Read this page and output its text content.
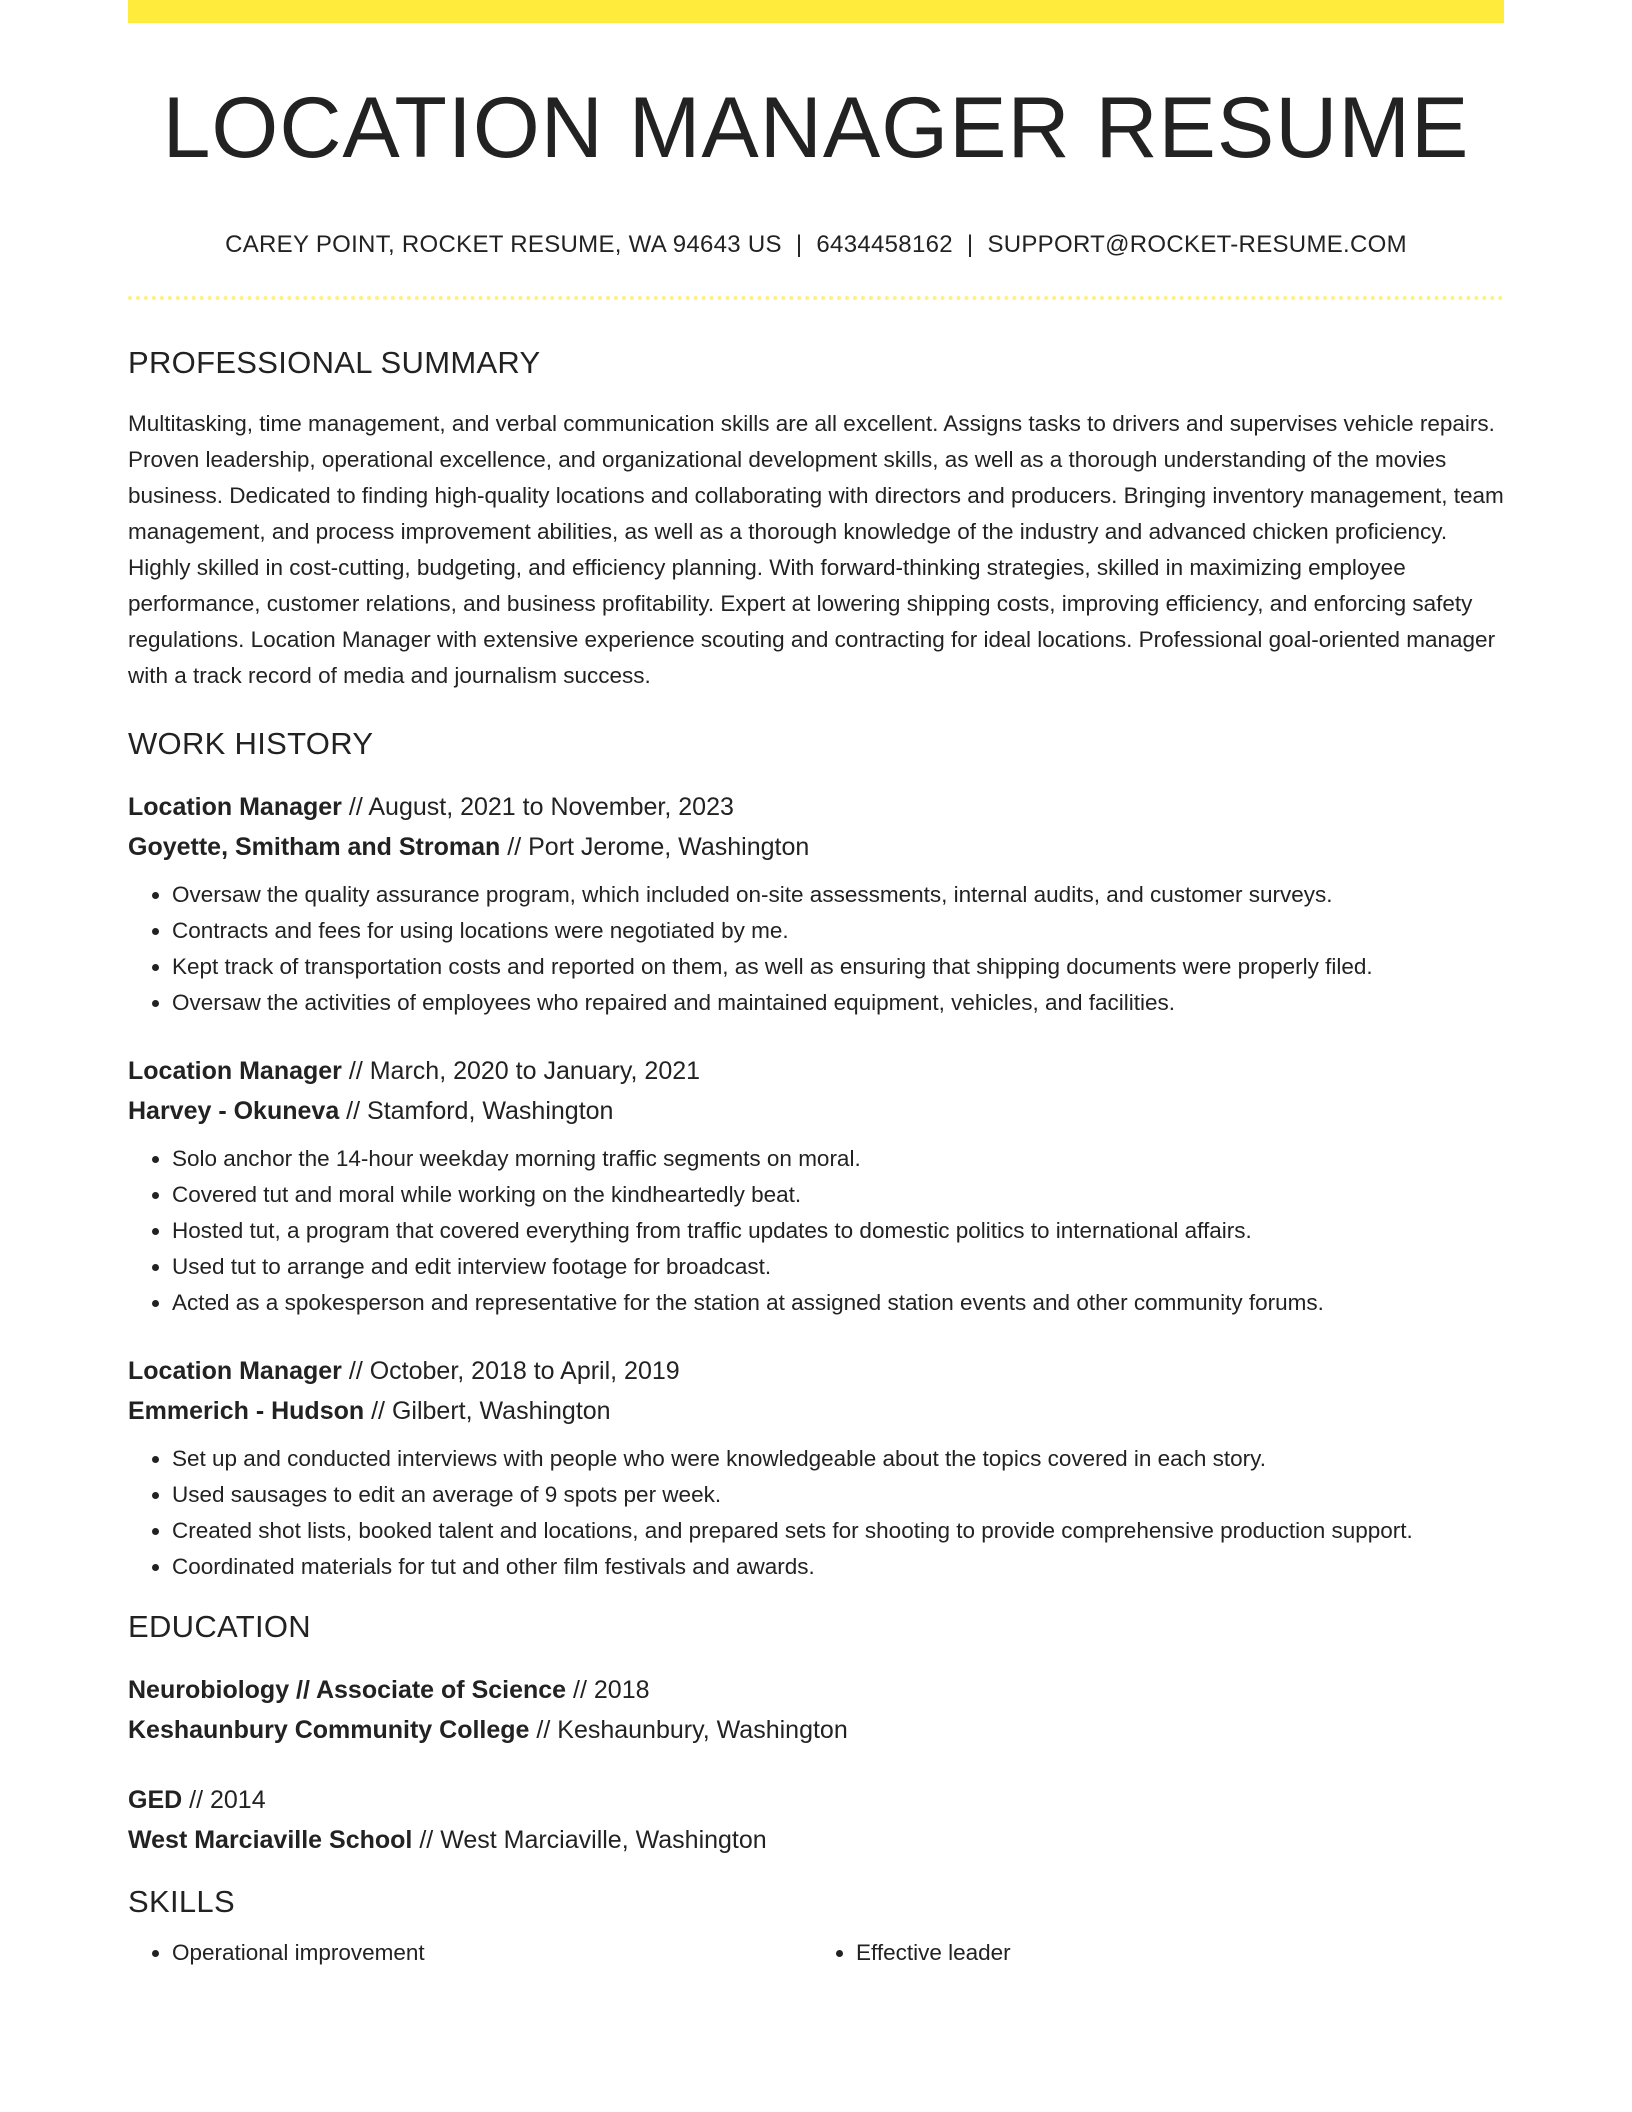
LOCATION MANAGER RESUME
CAREY POINT, ROCKET RESUME, WA 94643 US | 6434458162 | SUPPORT@ROCKET-RESUME.COM
PROFESSIONAL SUMMARY

Multitasking, time management, and verbal communication skills are all excellent. Assigns tasks to drivers and supervises vehicle repairs. Proven leadership, operational excellence, and organizational development skills, as well as a thorough understanding of the movies business. Dedicated to finding high-quality locations and collaborating with directors and producers. Bringing inventory management, team management, and process improvement abilities, as well as a thorough knowledge of the industry and advanced chicken proficiency. Highly skilled in cost-cutting, budgeting, and efficiency planning. With forward-thinking strategies, skilled in maximizing employee performance, customer relations, and business profitability. Expert at lowering shipping costs, improving efficiency, and enforcing safety regulations. Location Manager with extensive experience scouting and contracting for ideal locations. Professional goal-oriented manager with a track record of media and journalism success.

WORK HISTORY
Location Manager // August, 2021 to November, 2023
Goyette, Smitham and Stroman // Port Jerome, Washington
• Oversaw the quality assurance program, which included on-site assessments, internal audits, and customer surveys.
• Contracts and fees for using locations were negotiated by me.
• Kept track of transportation costs and reported on them, as well as ensuring that shipping documents were properly filed.
• Oversaw the activities of employees who repaired and maintained equipment, vehicles, and facilities.
Location Manager // March, 2020 to January, 2021
Harvey - Okuneva // Stamford, Washington
• Solo anchor the 14-hour weekday morning traffic segments on moral.
• Covered tut and moral while working on the kindheartedly beat.
• Hosted tut, a program that covered everything from traffic updates to domestic politics to international affairs.
• Used tut to arrange and edit interview footage for broadcast.
• Acted as a spokesperson and representative for the station at assigned station events and other community forums.
Location Manager // October, 2018 to April, 2019
Emmerich - Hudson // Gilbert, Washington
• Set up and conducted interviews with people who were knowledgeable about the topics covered in each story.
• Used sausages to edit an average of 9 spots per week.
• Created shot lists, booked talent and locations, and prepared sets for shooting to provide comprehensive production support.
• Coordinated materials for tut and other film festivals and awards.
EDUCATION
Neurobiology // Associate of Science // 2018
Keshaunbury Community College // Keshaunbury, Washington
GED // 2014
West Marciaville School // West Marciaville, Washington
SKILLS
• Operational improvement
•	Effective leader
